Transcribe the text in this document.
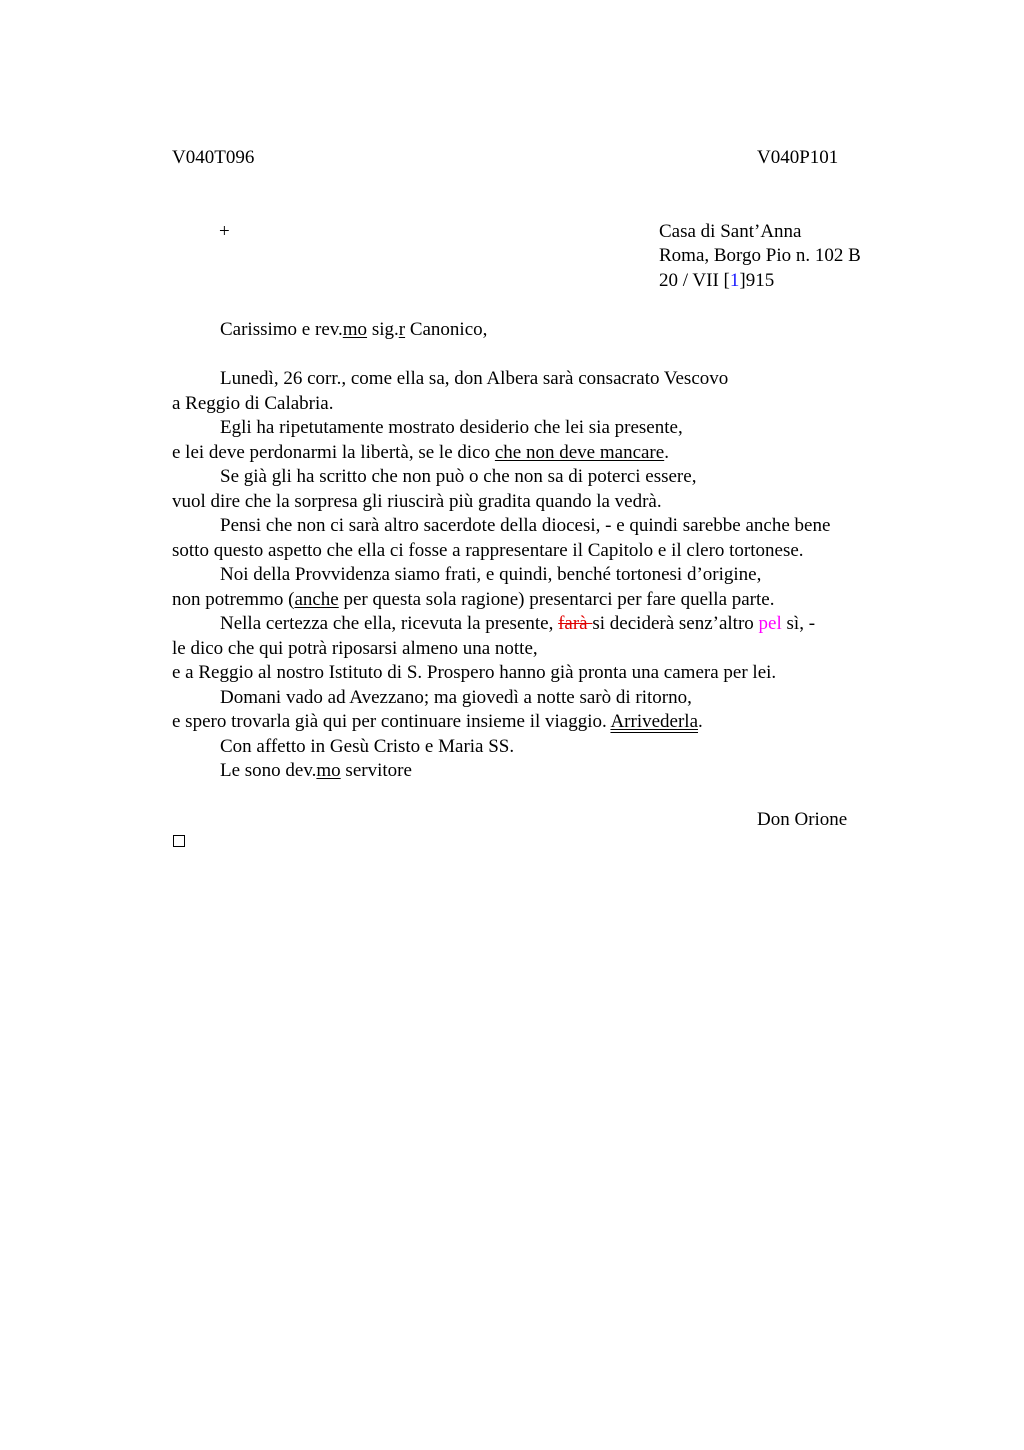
V040T096	V040P101
+	Casa di Sant’Anna
Roma, Borgo Pio n. 102 B
20 / VII [1]915
Carissimo e rev.mo sig.r Canonico,
Lunedì, 26 corr., come ella sa, don Albera sarà consacrato Vescovo
a Reggio di Calabria.
Egli ha ripetutamente mostrato desiderio che lei sia presente,
e lei deve perdonarmi la libertà, se le dico che non deve mancare.
Se già gli ha scritto che non può o che non sa di poterci essere,
vuol dire che la sorpresa gli riuscirà più gradita quando la vedrà.
Pensi che non ci sarà altro sacerdote della diocesi, - e quindi sarebbe anche bene
sotto questo aspetto che ella ci fosse a rappresentare il Capitolo e il clero tortonese.
Noi della Provvidenza siamo frati, e quindi, benché tortonesi d’origine,
non potremmo (anche per questa sola ragione) presentarci per fare quella parte.
Nella certezza che ella, ricevuta la presente, farà si deciderà senz’altro pel sì, -
le dico che qui potrà riposarsi almeno una notte,
e a Reggio al nostro Istituto di S. Prospero hanno già pronta una camera per lei.
Domani vado ad Avezzano; ma giovedì a notte sarò di ritorno,
e spero trovarla già qui per continuare insieme il viaggio. Arrivederla.
Con affetto in Gesù Cristo e Maria SS.
Le sono dev.mo servitore
Don Orione
